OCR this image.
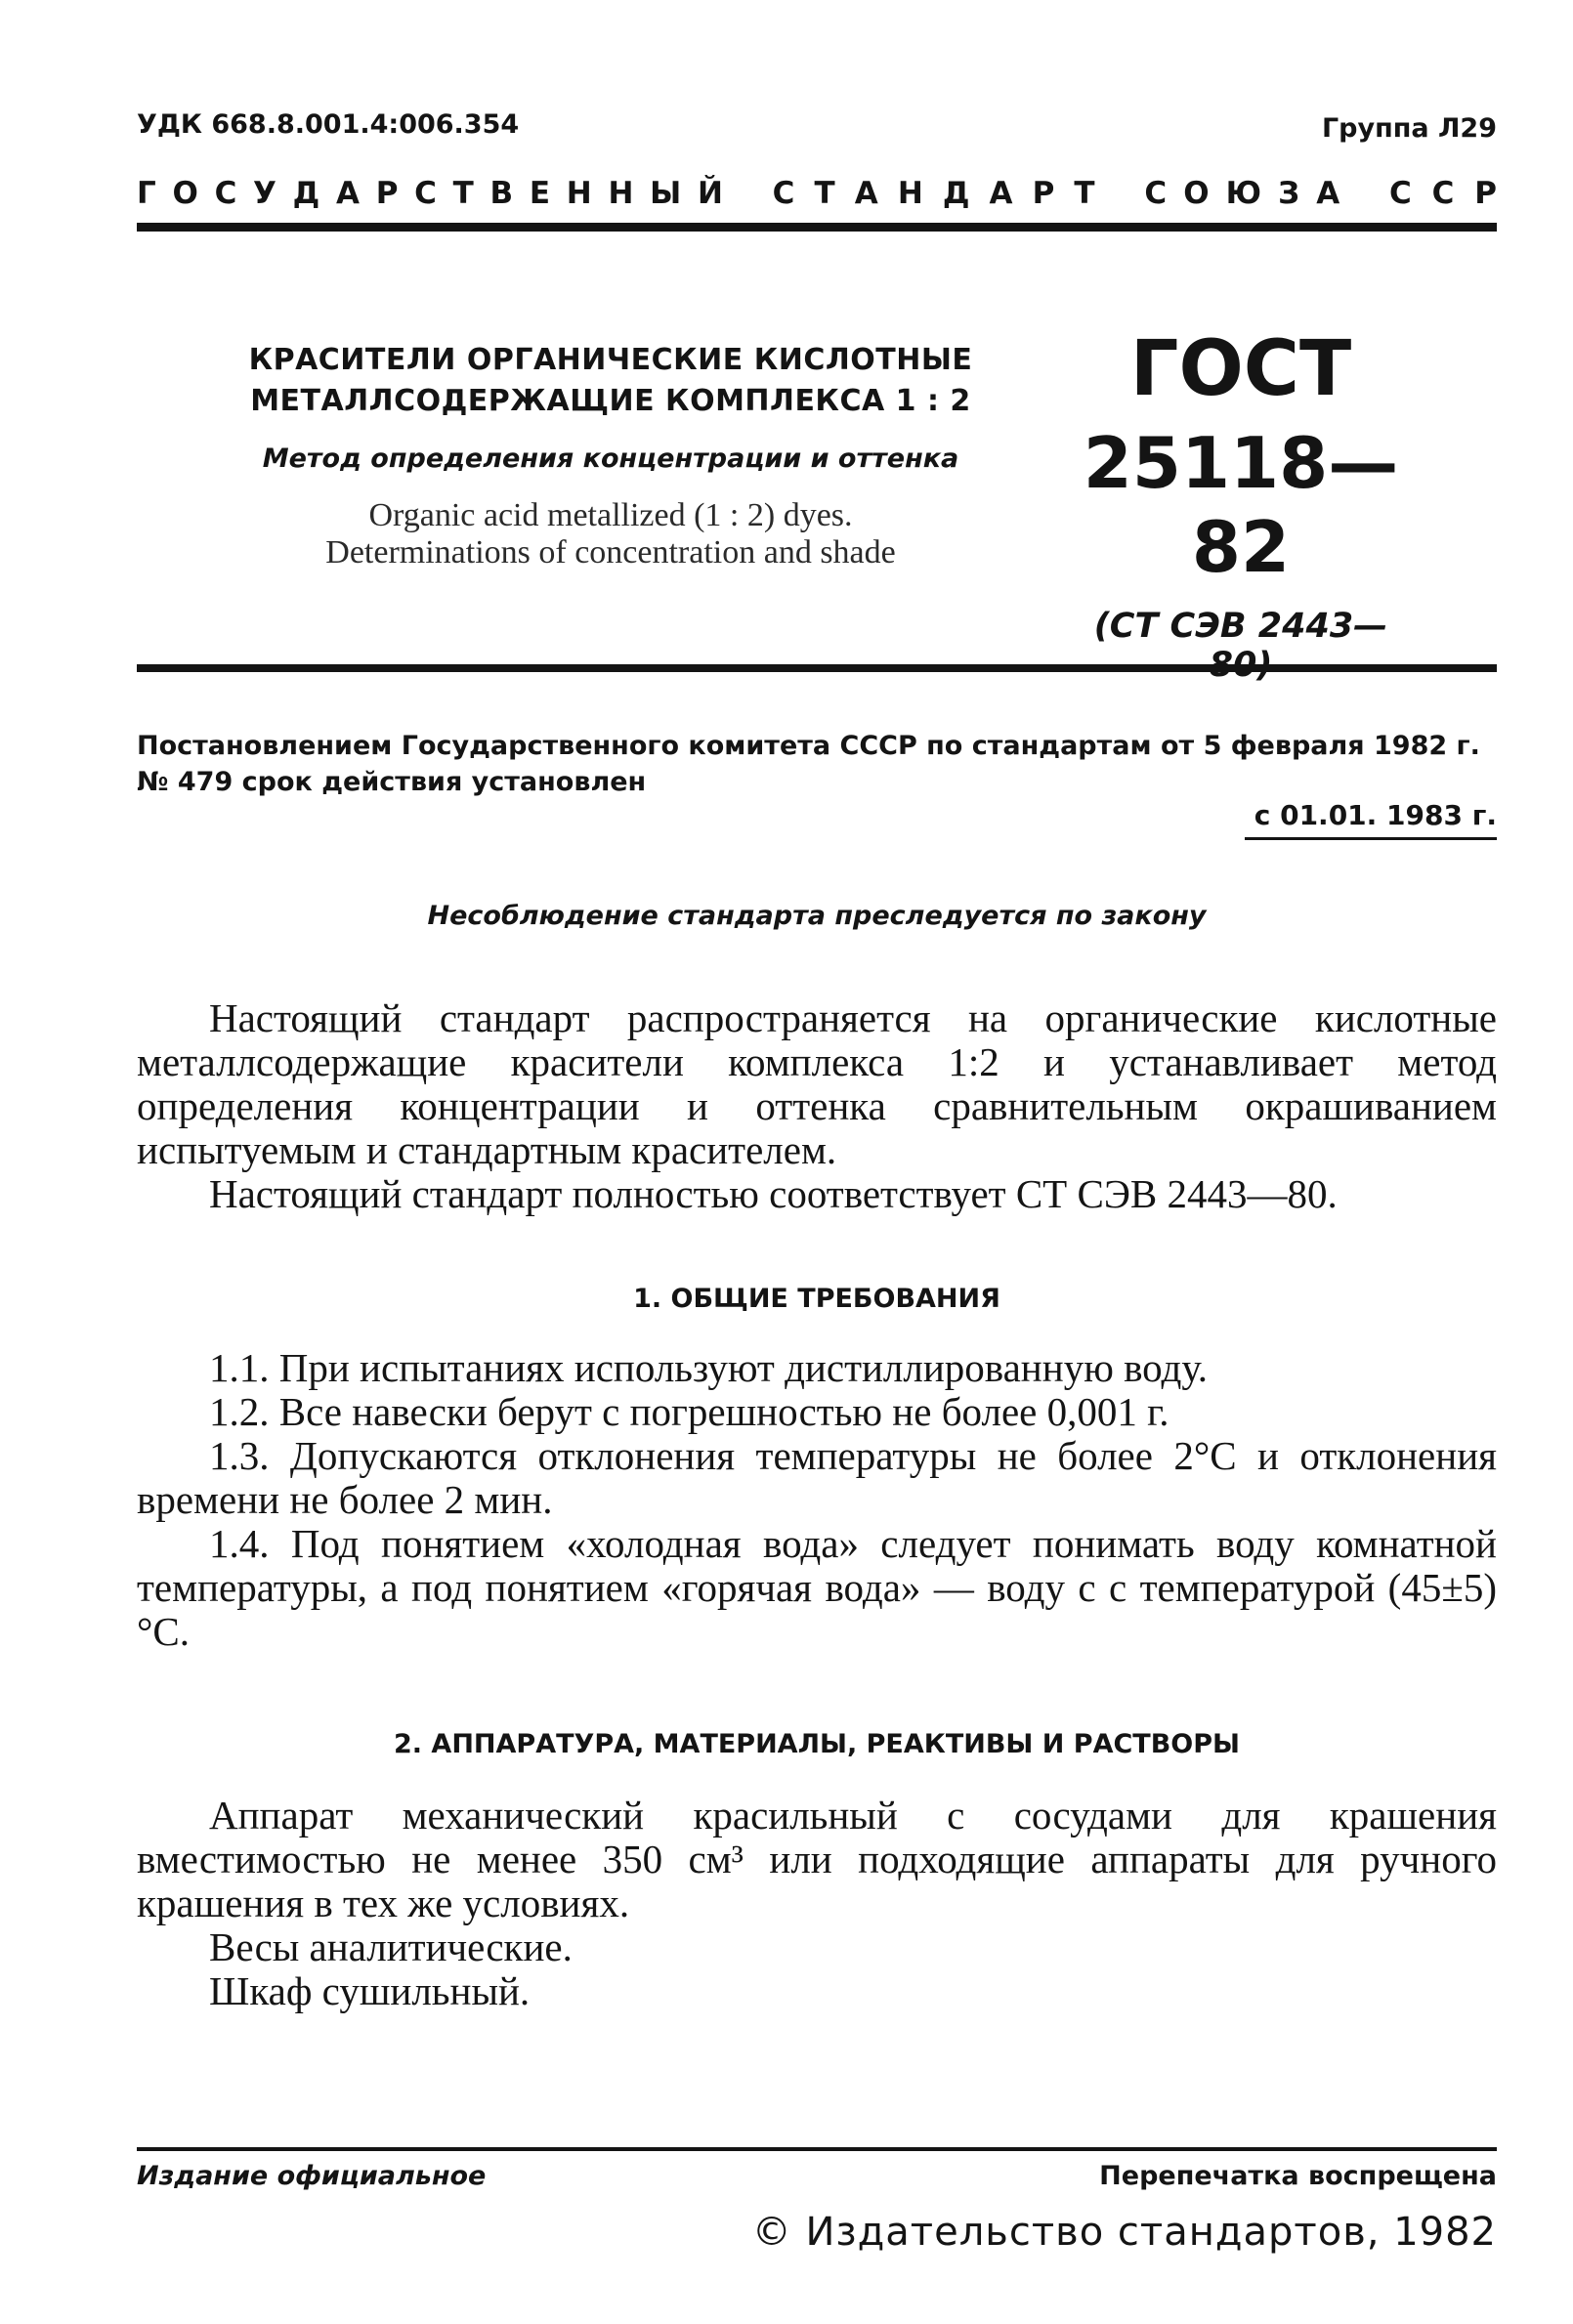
УДК 668.8.001.4:006.354	Группа Л29
Г О С У Д А Р С Т В Е Н Н Ы Й С Т А Н Д А Р Т С О Ю З А С С Р
КРАСИТЕЛИ ОРГАНИЧЕСКИЕ КИСЛОТНЫЕ
МЕТАЛЛСОДЕРЖАЩИЕ КОМПЛЕКСА 1 : 2
Метод определения концентрации и оттенка
Organic acid metallized (1 : 2) dyes.
Determinations of concentration and shade
ГОСТ
25118—82
(СТ СЭВ 2443—
Постановлением Государственного комитета СССР по стандартам от 5 февраля 1982 г. № 479 срок действия установлен
с 01.01. 1983 г.
Несоблюдение стандарта преследуется по закону

Настоящий стандарт распространяется на органические кислотные металлсодержащие красители комплекса 1:2 и устанавливает метод определения концентрации и оттенка сравнительным окрашиванием испытуемым и стандартным красителем.

Настоящий стандарт полностью соответствует СТ СЭВ 2443—80.

1. ОБЩИЕ ТРЕБОВАНИЯ

1.1. При испытаниях используют дистиллированную воду.

1.2. Все навески берут с погрешностью не более 0,001 г.

1.3. Допускаются отклонения температуры не более 2°С и отклонения времени не более 2 мин.

1.4. Под понятием «холодная вода» следует понимать воду комнатной температуры, а под понятием «горячая вода» — воду с с температурой (45±5)°С.

2. АППАРАТУРА, МАТЕРИАЛЫ, РЕАКТИВЫ И РАСТВОРЫ

Аппарат механический красильный с сосудами для крашения вместимостью не менее 350 см³ или подходящие аппараты для ручного крашения в тех же условиях.

Весы аналитические.

Шкаф сушильный.

Издание официальное	Перепечатка воспрещена
© Издательство стандартов, 1982
